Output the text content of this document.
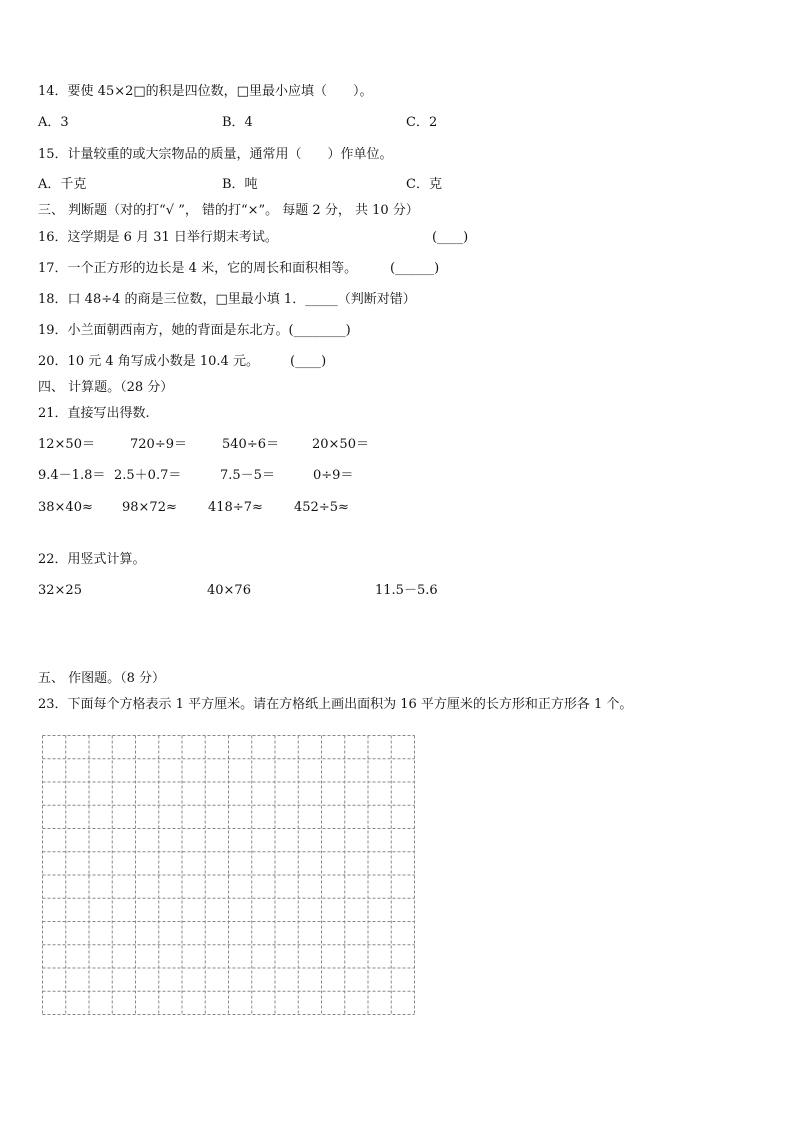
14．要使 45×2□的积是四位数，□里最小应填（　　）。
A．3	B．4	C．2
15．计量较重的或大宗物品的质量，通常用（　　）作单位。
A．千克	B．吨	C．克
三、 判断题（对的打“√ ”， 错的打“×”。 每题 2 分， 共 10 分）
16．这学期是 6 月 31 日举行期末考试。	(____)
17．一个正方形的边长是 4 米，它的周长和面积相等。	(______)
18．口 48÷4 的商是三位数，□里最小填 1．_____（判断对错）
19．小兰面朝西南方，她的背面是东北方。(________)
20．10 元 4 角写成小数是 10.4 元。 (____)
四、 计算题。（28 分）
21．直接写出得数.
12×50＝	720÷9＝	540÷6＝	20×50＝
9.4－1.8＝ 2.5＋0.7＝	7.5－5＝	0÷9＝
38×40≈ 98×72≈ 418÷7≈ 452÷5≈
22．用竖式计算。
32×25	40×76	11.5－5.6
五、 作图题。（8 分）
23．下面每个方格表示 1 平方厘米。请在方格纸上画出面积为 16 平方厘米的长方形和正方形各 1 个。
